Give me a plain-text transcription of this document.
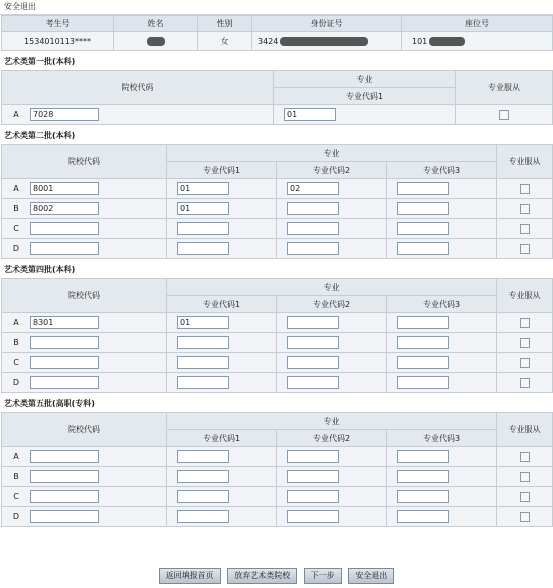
安全退出
考生号	姓名	性别	身份证号	座位号
1534010113****		女	3424	101
艺术类第一批(本科)
院校代码	专业	专业服从
	专业代码1	
A 7028	01	
艺术类第二批(本科)
院校代码	专业			专业服从
	专业代码1	专业代码2	专业代码3	
A 8001	01	02		
B 8002	01			
C				
D				
艺术类第四批(本科)
院校代码	专业			专业服从
	专业代码1	专业代码2	专业代码3	
A 8301	01			
B				
C				
D				
艺术类第五批(高职(专科)
院校代码	专业			专业服从
	专业代码1	专业代码2	专业代码3	
A				
B				
C				
D				
返回填报首页	放弃艺术类院校	下一步	安全退出
